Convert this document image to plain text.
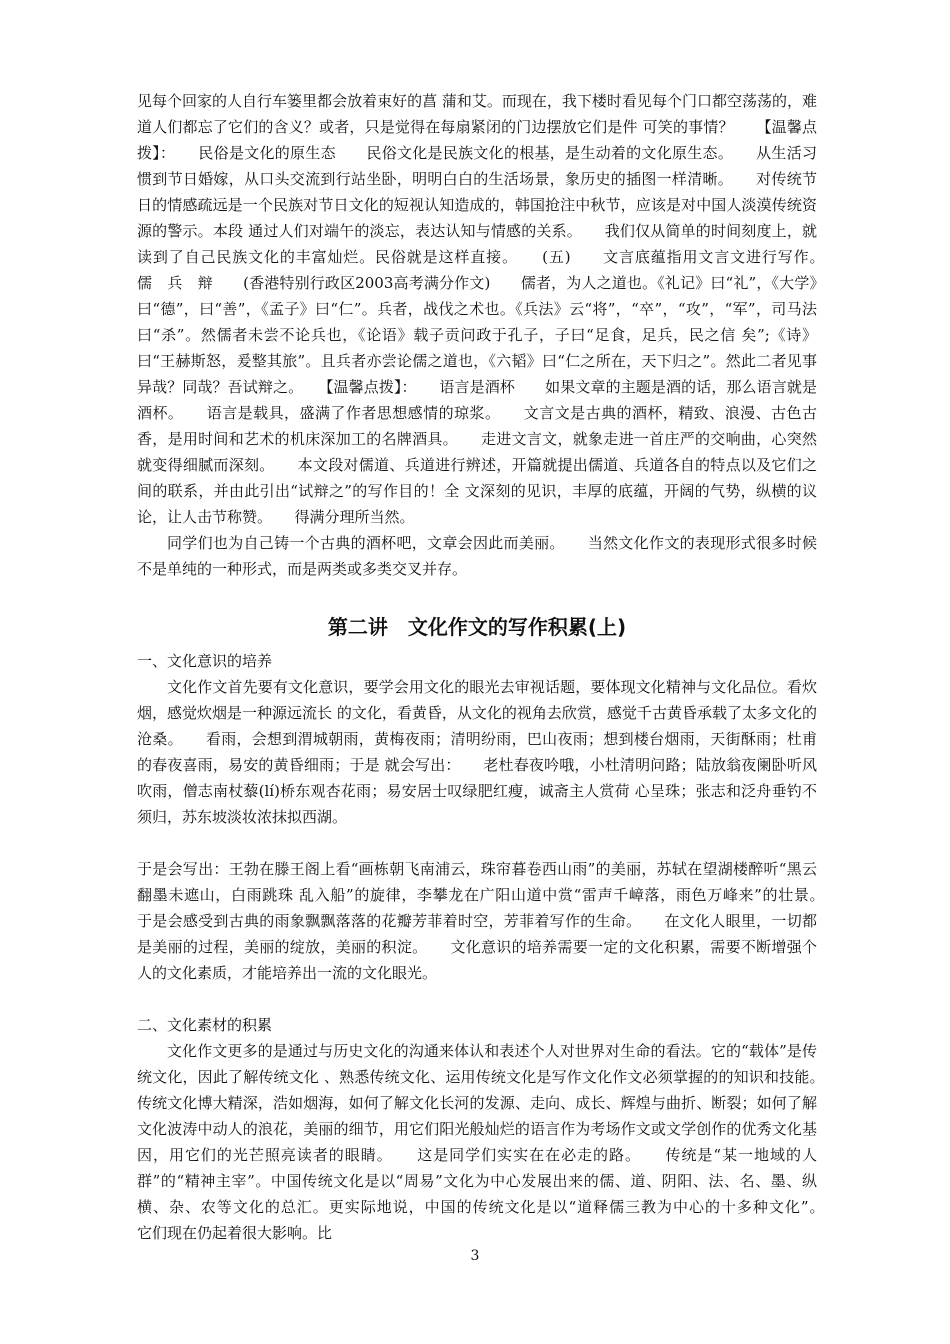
见每个回家的人自行车篓里都会放着束好的菖 蒲和艾。而现在，我下楼时看见每个门口都空荡荡的，难道人们都忘了它们的含义？或者，只是觉得在每扇紧闭的门边摆放它们是件 可笑的事情？　　【温馨点拨】：　　民俗是文化的原生态　　民俗文化是民族文化的根基，是生动着的文化原生态。　　从生活习惯到节日婚嫁，从口头交流到行站坐卧，明明白白的生活场景，象历史的插图一样清晰。　　对传统节日的情感疏远是一个民族对节日文化的短视认知造成的，韩国抢注中秋节，应该是对中国人淡漠传统资源的警示。本段 通过人们对端午的淡忘，表达认知与情感的关系。　　我们仅从简单的时间刻度上，就读到了自己民族文化的丰富灿烂。民俗就是这样直接。　　(五)　　文言底蕴指用文言文进行写作。　　儒　兵　辩　　(香港特别行政区2003高考满分作文)　　儒者，为人之道也。《礼记》曰“礼”，《大学》曰“德”，曰“善”，《孟子》曰“仁”。兵者，战伐之术也。《兵法》云“将”，“卒”，“攻”，“军”，司马法曰“杀”。然儒者未尝不论兵也，《论语》载子贡问政于孔子，子曰“足食，足兵，民之信 矣”;《诗》曰“王赫斯怒，爰整其旅”。且兵者亦尝论儒之道也，《六韬》曰“仁之所在，天下归之”。然此二者见事异哉？同哉？吾试辩之。　　【温馨点拨】：　　语言是酒杯　　如果文章的主题是酒的话，那么语言就是酒杯。　　语言是载具，盛满了作者思想感情的琼浆。　　文言文是古典的酒杯，精致、浪漫、古色古香，是用时间和艺术的机床深加工的名牌酒具。　　走进文言文，就象走进一首庄严的交响曲，心突然就变得细腻而深刻。　　本文段对儒道、兵道进行辨述，开篇就提出儒道、兵道各自的特点以及它们之间的联系，并由此引出“试辩之”的写作目的！全 文深刻的见识，丰厚的底蕴，开阔的气势，纵横的议论，让人击节称赞。　　得满分理所当然。

同学们也为自己铸一个古典的酒杯吧，文章会因此而美丽。　　当然文化作文的表现形式很多时候不是单纯的一种形式，而是两类或多类交叉并存。

第二讲　文化作文的写作积累(上)

一、文化意识的培养

文化作文首先要有文化意识，要学会用文化的眼光去审视话题，要体现文化精神与文化品位。看炊烟，感觉炊烟是一种源远流长 的文化，看黄昏，从文化的视角去欣赏，感觉千古黄昏承载了太多文化的沧桑。　　看雨，会想到渭城朝雨，黄梅夜雨；清明纷雨，巴山夜雨；想到楼台烟雨，天街酥雨；杜甫的春夜喜雨，易安的黄昏细雨；于是 就会写出：　　老杜春夜吟哦，小杜清明问路；陆放翁夜阑卧听风吹雨，僧志南杖藜(lí)桥东观杏花雨；易安居士叹绿肥红瘦，诚斋主人赏荷 心呈珠；张志和泛舟垂钓不须归，苏东坡淡妆浓抹拟西湖。

于是会写出：王勃在滕王阁上看“画栋朝飞南浦云，珠帘暮卷西山雨”的美丽，苏轼在望湖楼醉听“黑云翻墨未遮山，白雨跳珠 乱入船”的旋律，李攀龙在广阳山道中赏“雷声千嶂落，雨色万峰来”的壮景。　　于是会感受到古典的雨象飘飘落落的花瓣芳菲着时空，芳菲着写作的生命。　　在文化人眼里，一切都是美丽的过程，美丽的绽放，美丽的积淀。　　文化意识的培养需要一定的文化积累，需要不断增强个人的文化素质，才能培养出一流的文化眼光。

二、文化素材的积累

文化作文更多的是通过与历史文化的沟通来体认和表述个人对世界对生命的看法。它的“载体”是传统文化，因此了解传统文化 、熟悉传统文化、运用传统文化是写作文化作文必须掌握的的知识和技能。　　传统文化博大精深，浩如烟海，如何了解文化长河的发源、走向、成长、辉煌与曲折、断裂；如何了解文化波涛中动人的浪花，美丽的细节，用它们阳光般灿烂的语言作为考场作文或文学创作的优秀文化基因，用它们的光芒照亮读者的眼睛。　　这是同学们实实在在必走的路。　　传统是“某一地域的人群”的“精神主宰”。中国传统文化是以“周易”文化为中心发展出来的儒、道、阴阳、法、名、墨、纵 横、杂、农等文化的总汇。更实际地说，中国的传统文化是以“道释儒三教为中心的十多种文化”。　　它们现在仍起着很大影响。比

3
